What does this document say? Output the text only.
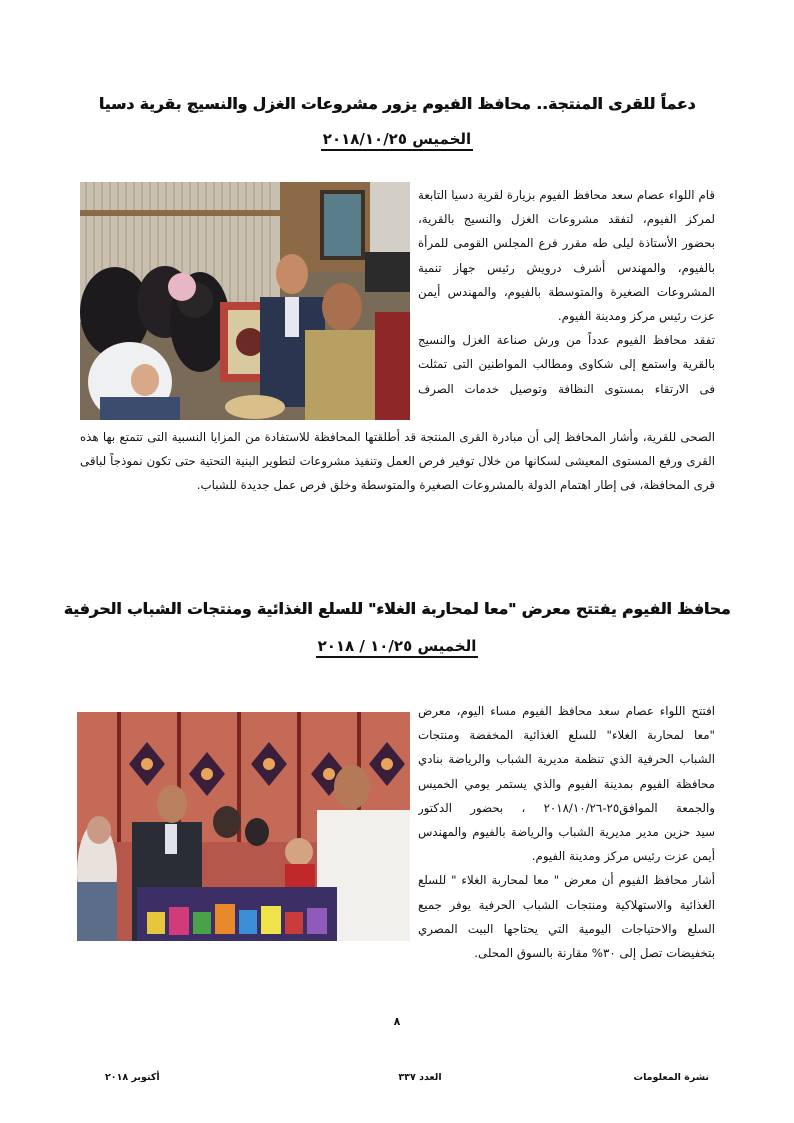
دعماً للقرى المنتجة.. محافظ الفيوم يزور مشروعات الغزل والنسيج بقرية دسيا
الخميس ٢٠١٨/١٠/٢٥
قام اللواء عصام سعد محافظ الفيوم بزيارة لقرية دسيا التابعة
لمركز الفيوم، لتفقد مشروعات الغزل والنسيج بالقرية،
بحضور الأستاذة ليلى طه مقرر فرع المجلس القومى للمرأة
بالفيوم، والمهندس أشرف درويش رئيس جهاز تنمية
المشروعات الصغيرة والمتوسطة بالفيوم، والمهندس أيمن
عزت رئيس مركز ومدينة الفيوم.
تفقد محافظ الفيوم عدداً من ورش صناعة الغزل والنسيج
بالقرية واستمع إلى شكاوى ومطالب المواطنين التى تمثلت
فى الارتقاء بمستوى النظافة وتوصيل خدمات الصرف
الصحى للقرية، وأشار المحافظ إلى أن مبادرة القرى المنتجة قد أطلقتها المحافظة للاستفادة من المزايا النسبية التى تتمتع بها هذه
القرى ورفع المستوى المعيشى لسكانها من خلال توفير فرص العمل وتنفيذ مشروعات لتطوير البنية التحتية حتى تكون نموذجاً لباقى
قرى المحافظة، فى إطار اهتمام الدولة بالمشروعات الصغيرة والمتوسطة وخلق فرص عمل جديدة للشباب.
محافظ الفيوم يفتتح معرض "معا لمحاربة الغلاء" للسلع الغذائية ومنتجات الشباب الحرفية
الخميس ١٠/٢٥ / ٢٠١٨
افتتح اللواء عصام سعد محافظ الفيوم مساء اليوم، معرض
"معا لمحاربة الغلاء" للسلع الغذائية المخفضة ومنتجات
الشباب الحرفية الذي تنظمة مديرية الشباب والرياضة بنادي
محافظة الفيوم بمدينة الفيوم والذي يستمر يومي الخميس
والجمعة الموافق٢٥-٢٠١٨/١٠/٢٦ ، بحضور الدكتور
سيد حزين مدير مديرية الشباب والرياضة بالفيوم والمهندس
أيمن عزت رئيس مركز ومدينة الفيوم.
أشار محافظ الفيوم أن معرض " معا لمحاربة الغلاء " للسلع
الغذائية والاستهلاكية ومنتجات الشباب الحرفية يوفر جميع
السلع والاحتياجات اليومية التي يحتاجها البيت المصري
بتخفيضات تصل إلى ٣٠% مقارنة بالسوق المحلى.
٨
نشرة المعلومات
العدد ٣٣٧
أكتوبر ٢٠١٨
